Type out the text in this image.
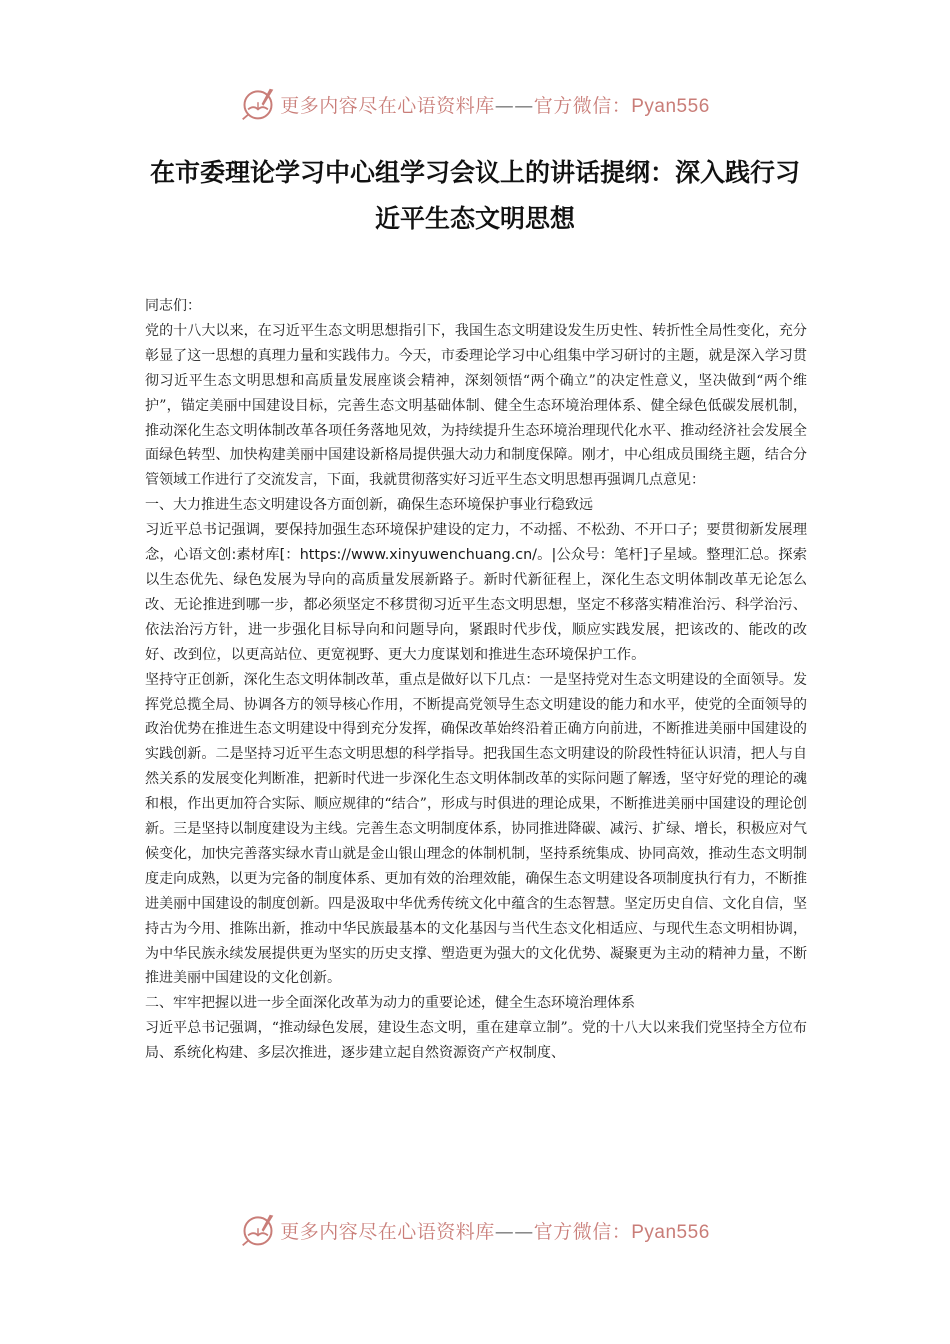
更多内容尽在心语资料库——官方微信：Pyan556
在市委理论学习中心组学习会议上的讲话提纲：深入践行习近平生态文明思想

同志们：

党的十八大以来，在习近平生态文明思想指引下，我国生态文明建设发生历史性、转折性全局性变化，充分彰显了这一思想的真理力量和实践伟力。今天，市委理论学习中心组集中学习研讨的主题，就是深入学习贯彻习近平生态文明思想和高质量发展座谈会精神，深刻领悟“两个确立”的决定性意义，坚决做到“两个维护”，锚定美丽中国建设目标，完善生态文明基础体制、健全生态环境治理体系、健全绿色低碳发展机制，推动深化生态文明体制改革各项任务落地见效，为持续提升生态环境治理现代化水平、推动经济社会发展全面绿色转型、加快构建美丽中国建设新格局提供强大动力和制度保障。刚才，中心组成员围绕主题，结合分管领域工作进行了交流发言，下面，我就贯彻落实好习近平生态文明思想再强调几点意见：

一、大力推进生态文明建设各方面创新，确保生态环境保护事业行稳致远

习近平总书记强调，要保持加强生态环境保护建设的定力，不动摇、不松劲、不开口子；要贯彻新发展理念，心语文创:素材库[：https://www.xinyuwenchuang.cn/。|公众号：笔杆]子星域。整理汇总。探索以生态优先、绿色发展为导向的高质量发展新路子。新时代新征程上，深化生态文明体制改革无论怎么改、无论推进到哪一步，都必须坚定不移贯彻习近平生态文明思想，坚定不移落实精准治污、科学治污、依法治污方针，进一步强化目标导向和问题导向，紧跟时代步伐，顺应实践发展，把该改的、能改的改好、改到位，以更高站位、更宽视野、更大力度谋划和推进生态环境保护工作。

坚持守正创新，深化生态文明体制改革，重点是做好以下几点：一是坚持党对生态文明建设的全面领导。发挥党总揽全局、协调各方的领导核心作用，不断提高党领导生态文明建设的能力和水平，使党的全面领导的政治优势在推进生态文明建设中得到充分发挥，确保改革始终沿着正确方向前进，不断推进美丽中国建设的实践创新。二是坚持习近平生态文明思想的科学指导。把我国生态文明建设的阶段性特征认识清，把人与自然关系的发展变化判断准，把新时代进一步深化生态文明体制改革的实际问题了解透，坚守好党的理论的魂和根，作出更加符合实际、顺应规律的“结合”，形成与时俱进的理论成果，不断推进美丽中国建设的理论创新。三是坚持以制度建设为主线。完善生态文明制度体系，协同推进降碳、减污、扩绿、增长，积极应对气候变化，加快完善落实绿水青山就是金山银山理念的体制机制，坚持系统集成、协同高效，推动生态文明制度走向成熟，以更为完备的制度体系、更加有效的治理效能，确保生态文明建设各项制度执行有力，不断推进美丽中国建设的制度创新。四是汲取中华优秀传统文化中蕴含的生态智慧。坚定历史自信、文化自信，坚持古为今用、推陈出新，推动中华民族最基本的文化基因与当代生态文化相适应、与现代生态文明相协调，为中华民族永续发展提供更为坚实的历史支撑、塑造更为强大的文化优势、凝聚更为主动的精神力量，不断推进美丽中国建设的文化创新。

二、牢牢把握以进一步全面深化改革为动力的重要论述，健全生态环境治理体系

习近平总书记强调，“推动绿色发展，建设生态文明，重在建章立制”。党的十八大以来我们党坚持全方位布局、系统化构建、多层次推进，逐步建立起自然资源资产产权制度、

更多内容尽在心语资料库——官方微信：Pyan556
